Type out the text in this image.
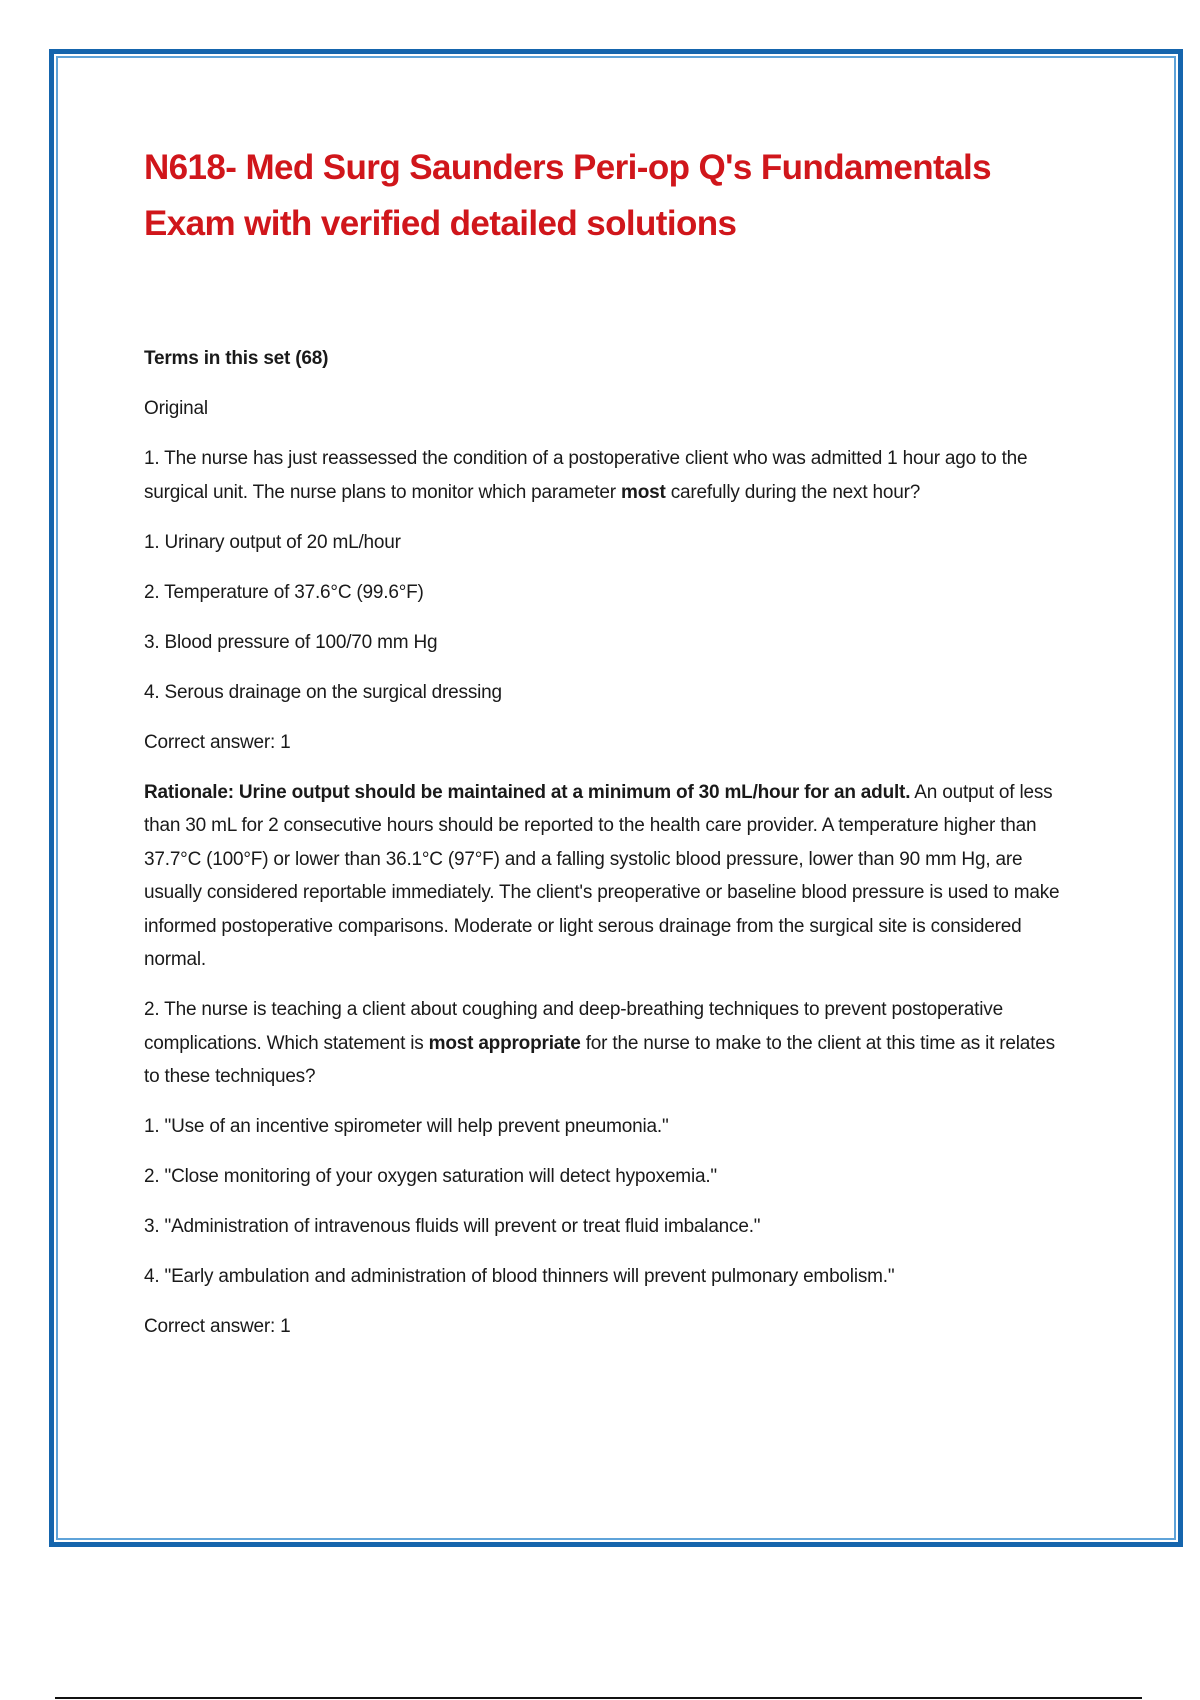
N618- Med Surg Saunders Peri-op Q's Fundamentals Exam with verified detailed solutions

Terms in this set (68)

Original

1. The nurse has just reassessed the condition of a postoperative client who was admitted 1 hour ago to the surgical unit. The nurse plans to monitor which parameter most carefully during the next hour?

1. Urinary output of 20 mL/hour

2. Temperature of 37.6°C (99.6°F)

3. Blood pressure of 100/70 mm Hg

4. Serous drainage on the surgical dressing

Correct answer: 1

Rationale: Urine output should be maintained at a minimum of 30 mL/hour for an adult. An output of less than 30 mL for 2 consecutive hours should be reported to the health care provider. A temperature higher than 37.7°C (100°F) or lower than 36.1°C (97°F) and a falling systolic blood pressure, lower than 90 mm Hg, are usually considered reportable immediately. The client's preoperative or baseline blood pressure is used to make informed postoperative comparisons. Moderate or light serous drainage from the surgical site is considered normal.

2. The nurse is teaching a client about coughing and deep-breathing techniques to prevent postoperative complications. Which statement is most appropriate for the nurse to make to the client at this time as it relates to these techniques?

1. "Use of an incentive spirometer will help prevent pneumonia."

2. "Close monitoring of your oxygen saturation will detect hypoxemia."

3. "Administration of intravenous fluids will prevent or treat fluid imbalance."

4. "Early ambulation and administration of blood thinners will prevent pulmonary embolism."

Correct answer: 1
